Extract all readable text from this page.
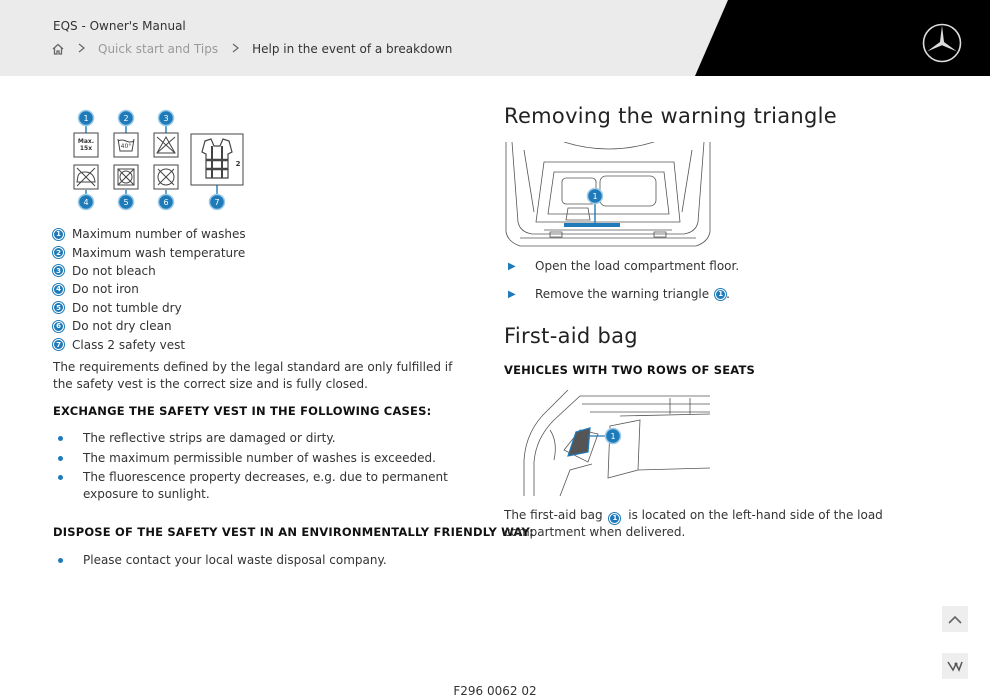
EQS - Owner's Manual
Quick start and Tips	Help in the event of a breakdown
1	2	3
4	5	6	7
Max.
15x	40°
2
1 Maximum number of washes
2 Maximum wash temperature
3 Do not bleach
4 Do not iron
5 Do not tumble dry
6 Do not dry clean
7 Class 2 safety vest
The requirements defined by the legal standard are only fulfilled if the safety vest is the correct size and is fully closed.
EXCHANGE THE SAFETY VEST IN THE FOLLOWING CASES:
The reflective strips are damaged or dirty.
The maximum permissible number of washes is exceeded.
The fluorescence property decreases, e.g. due to permanent exposure to sunlight.
DISPOSE OF THE SAFETY VEST IN AN ENVIRONMENTALLY FRIENDLY WAY:
Please contact your local waste disposal company.
Removing the warning triangle
1
▶	Open the load compartment floor.
▶	Remove the warning triangle	1 .
First-aid bag
VEHICLES WITH TWO ROWS OF SEATS
1
The first-aid bag 1 is located on the left-hand side of the load compartment when delivered.
F296 0062 02
